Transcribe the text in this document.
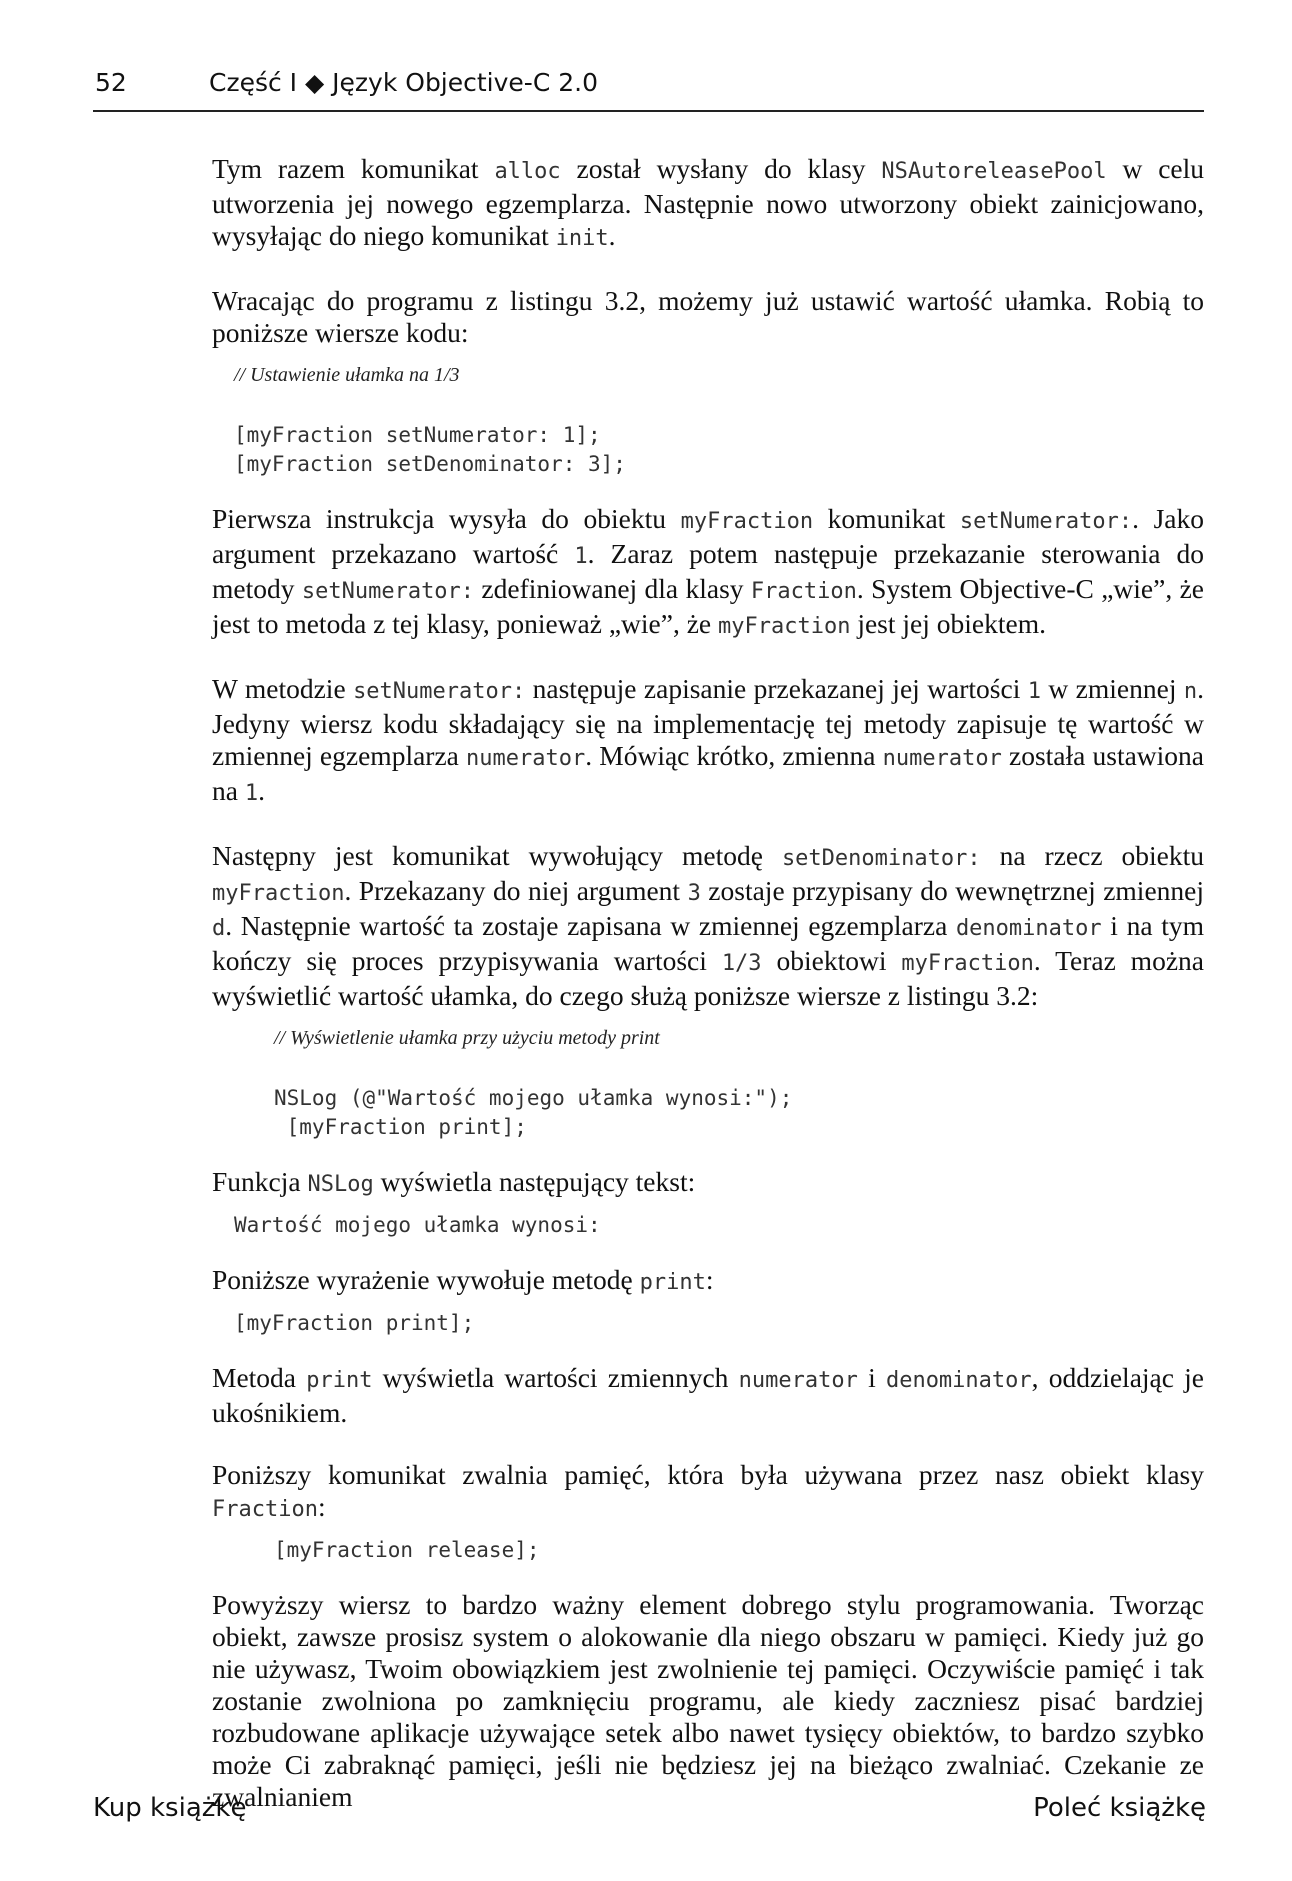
52	Część I ◆ Język Objective-C 2.0

Tym razem komunikat alloc został wysłany do klasy NSAutoreleasePool w celu utworzenia jej nowego egzemplarza. Następnie nowo utworzony obiekt zainicjowano, wysyłając do niego komunikat init.

Wracając do programu z listingu 3.2, możemy już ustawić wartość ułamka. Robią to poniższe wiersze kodu:

// Ustawienie ułamka na 1/3
[myFraction setNumerator: 1];
[myFraction setDenominator: 3];

Pierwsza instrukcja wysyła do obiektu myFraction komunikat setNumerator:. Jako argument przekazano wartość 1. Zaraz potem następuje przekazanie sterowania do metody setNumerator: zdefiniowanej dla klasy Fraction. System Objective-C „wie”, że jest to metoda z tej klasy, ponieważ „wie”, że myFraction jest jej obiektem.

W metodzie setNumerator: następuje zapisanie przekazanej jej wartości 1 w zmiennej n. Jedyny wiersz kodu składający się na implementację tej metody zapisuje tę wartość w zmiennej egzemplarza numerator. Mówiąc krótko, zmienna numerator została ustawiona na 1.

Następny jest komunikat wywołujący metodę setDenominator: na rzecz obiektu myFraction. Przekazany do niej argument 3 zostaje przypisany do wewnętrznej zmiennej d. Następnie wartość ta zostaje zapisana w zmiennej egzemplarza denominator i na tym kończy się proces przypisywania wartości 1/3 obiektowi myFraction. Teraz można wyświetlić wartość ułamka, do czego służą poniższe wiersze z listingu 3.2:

// Wyświetlenie ułamka przy użyciu metody print
NSLog (@"Wartość mojego ułamka wynosi:");
[myFraction print];

Funkcja NSLog wyświetla następujący tekst:

Wartość mojego ułamka wynosi:

Poniższe wyrażenie wywołuje metodę print:

[myFraction print];

Metoda print wyświetla wartości zmiennych numerator i denominator, oddzielając je ukośnikiem.

Poniższy komunikat zwalnia pamięć, która była używana przez nasz obiekt klasy Fraction:

[myFraction release];

Powyższy wiersz to bardzo ważny element dobrego stylu programowania. Tworząc obiekt, zawsze prosisz system o alokowanie dla niego obszaru w pamięci. Kiedy już go nie używasz, Twoim obowiązkiem jest zwolnienie tej pamięci. Oczywiście pamięć i tak zostanie zwolniona po zamknięciu programu, ale kiedy zaczniesz pisać bardziej rozbudowane aplikacje używające setek albo nawet tysięcy obiektów, to bardzo szybko może Ci zabraknąć pamięci, jeśli nie będziesz jej na bieżąco zwalniać. Czekanie ze zwalnianiem

Kup książkę	Poleć książkę
